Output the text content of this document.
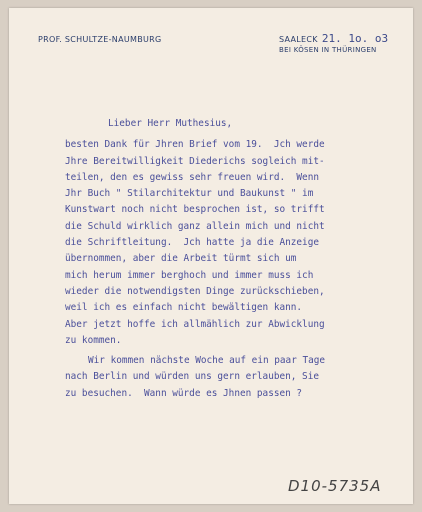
PROF. SCHULTZE-NAUMBURG	SAALECK 21. 1o. o3
BEI KÖSEN IN THÜRINGEN
Lieber Herr Muthesius,
besten Dank für Jhren Brief vom 19.  Jch werde
Jhre Bereitwilligkeit Diederichs sogleich mit-
teilen, den es gewiss sehr freuen wird.  Wenn
Jhr Buch " Stilarchitektur und Baukunst " im
Kunstwart noch nicht besprochen ist, so trifft
die Schuld wirklich ganz allein mich und nicht
die Schriftleitung.  Jch hatte ja die Anzeige
übernommen, aber die Arbeit türmt sich um
mich herum immer berghoch und immer muss ich
wieder die notwendigsten Dinge zurückschieben,
weil ich es einfach nicht bewältigen kann.
Aber jetzt hoffe ich allmählich zur Abwicklung
zu kommen.
Wir kommen nächste Woche auf ein paar Tage
nach Berlin und würden uns gern erlauben, Sie
zu besuchen.  Wann würde es Jhnen passen ?
D10-5735A
